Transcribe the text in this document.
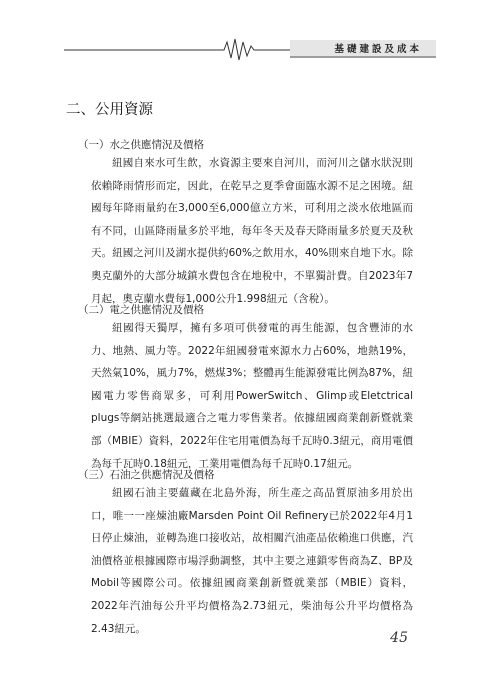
基礎建設及成本
二、公用資源
（一）水之供應情況及價格
紐國自來水可生飲，水資源主要來自河川，而河川之儲水狀況則依賴降雨情形而定，因此，在乾旱之夏季會面臨水源不足之困境。紐國每年降雨量約在3,000至6,000億立方米，可利用之淡水依地區而有不同，山區降雨量多於平地，每年冬天及春天降雨量多於夏天及秋天。紐國之河川及湖水提供約60%之飲用水，40%則來自地下水。除奧克蘭外的大部分城鎮水費包含在地稅中，不單獨計費。自2023年7月起，奧克蘭水費每1,000公升1.998紐元（含稅）。
（二）電之供應情況及價格
紐國得天獨厚，擁有多項可供發電的再生能源，包含豐沛的水力、地熱、風力等。2022年紐國發電來源水力占60%，地熱19%，天然氣10%，風力7%，燃煤3%；整體再生能源發電比例為87%，紐國電力零售商眾多，可利用PowerSwitch、Glimp或Eletctrical plugs等網站挑選最適合之電力零售業者。依據紐國商業創新暨就業部（MBIE）資料，2022年住宅用電價為每千瓦時0.3紐元，商用電價為每千瓦時0.18紐元，工業用電價為每千瓦時0.17紐元。
（三）石油之供應情況及價格
紐國石油主要蘊藏在北島外海，所生產之高品質原油多用於出口，唯一一座煉油廠Marsden Point Oil Refinery已於2022年4月1日停止煉油，並轉為進口接收站，故相關汽油產品依賴進口供應，汽油價格並根據國際市場浮動調整，其中主要之連鎖零售商為Z、BP及Mobil等國際公司。依據紐國商業創新暨就業部（MBIE）資料，2022年汽油每公升平均價格為2.73紐元，柴油每公升平均價格為2.43紐元。
45
